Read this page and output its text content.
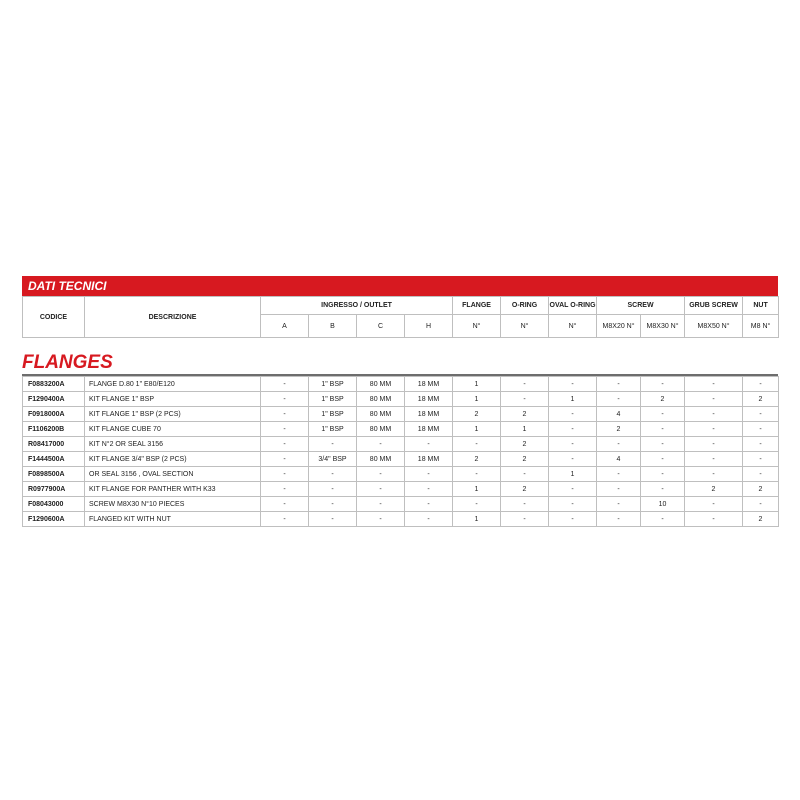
DATI TECNICI
CODICE	DESCRIZIONE	INGRESSO / OUTLET				FLANGE	O-RING	OVAL O-RING	SCREW		GRUB SCREW	NUT
		A	B	C	H	N°	N°	N°	M8X20 N°	M8X30 N°	M8X50 N°	M8 N°
FLANGES
F0883200A	FLANGE D.80 1" E80/E120	-	1" BSP	80 MM	18 MM	1	-	-	-	-	-	-
F1290400A	KIT FLANGE 1" BSP	-	1" BSP	80 MM	18 MM	1	-	1	-	2	-	2
F0918000A	KIT FLANGE 1" BSP (2 PCS)	-	1" BSP	80 MM	18 MM	2	2	-	4	-	-	-
F1106200B	KIT FLANGE CUBE 70	-	1" BSP	80 MM	18 MM	1	1	-	2	-	-	-
R08417000	KIT N°2 OR SEAL 3156	-	-	-	-	-	2	-	-	-	-	-
F1444500A	KIT FLANGE 3/4" BSP (2 PCS)	-	3/4" BSP	80 MM	18 MM	2	2	-	4	-	-	-
F0898500A	OR SEAL 3156 , OVAL SECTION	-	-	-	-	-	-	1	-	-	-	-
R0977900A	KIT FLANGE FOR PANTHER WITH K33	-	-	-	-	1	2	-	-	-	2	2
F08043000	SCREW M8X30 N°10 PIECES	-	-	-	-	-	-	-	-	10	-	-
F1290600A	FLANGED KIT WITH NUT	-	-	-	-	1	-	-	-	-	-	2
